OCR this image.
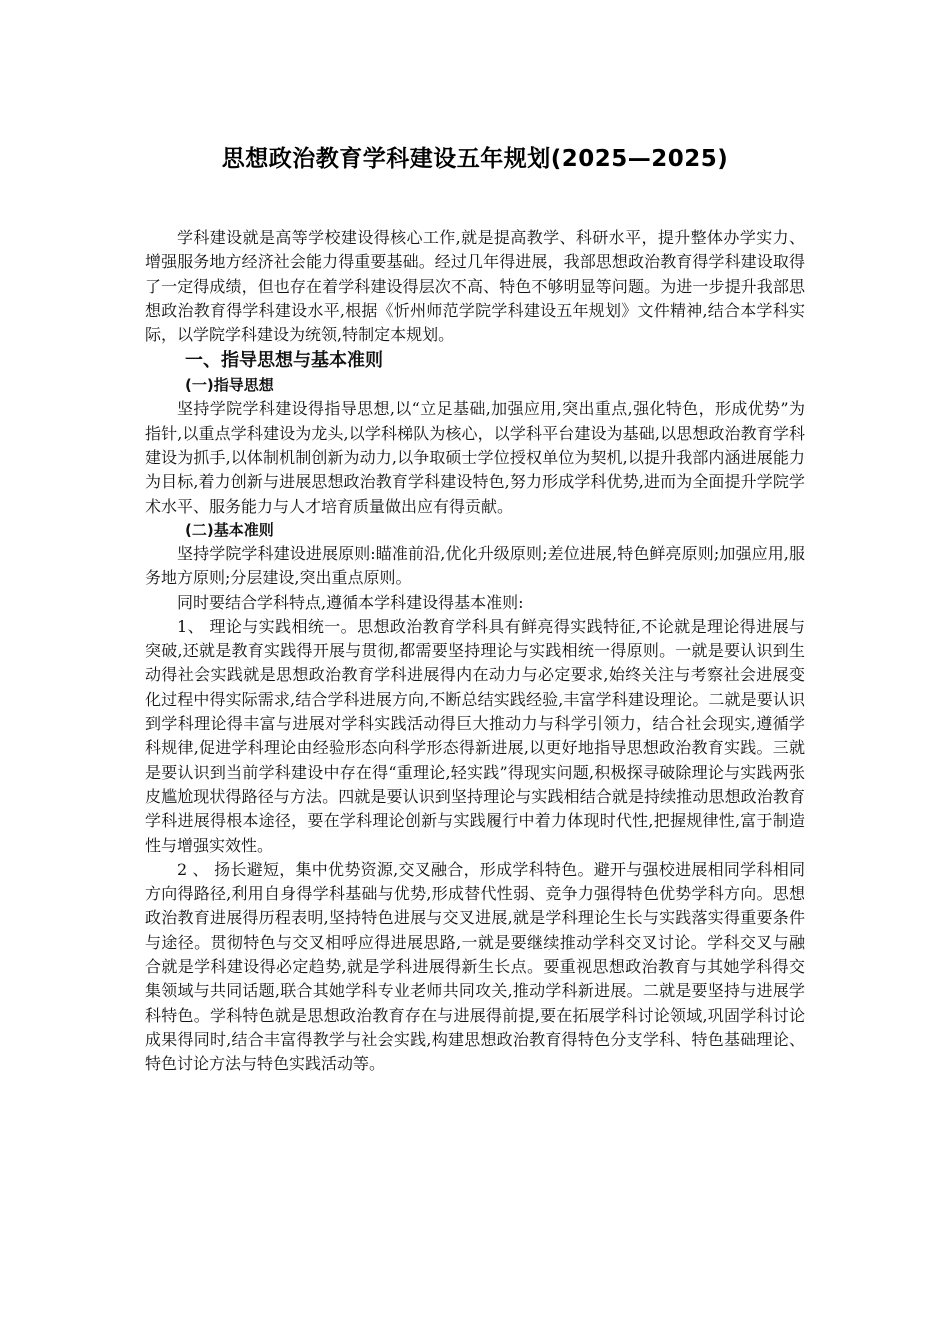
思想政治教育学科建设五年规划(2025—2025)

学科建设就是高等学校建设得核心工作,就是提高教学、科研水平，提升整体办学实力、增强服务地方经济社会能力得重要基础。经过几年得进展，我部思想政治教育得学科建设取得了一定得成绩，但也存在着学科建设得层次不高、特色不够明显等问题。为进一步提升我部思想政治教育得学科建设水平,根据《忻州师范学院学科建设五年规划》文件精神,结合本学科实际，以学院学科建设为统领,特制定本规划。

一、指导思想与基本准则
(一)指导思想

坚持学院学科建设得指导思想,以“立足基础,加强应用,突出重点,强化特色，形成优势”为指针,以重点学科建设为龙头,以学科梯队为核心，以学科平台建设为基础,以思想政治教育学科建设为抓手,以体制机制创新为动力,以争取硕士学位授权单位为契机,以提升我部内涵进展能力为目标,着力创新与进展思想政治教育学科建设特色,努力形成学科优势,进而为全面提升学院学术水平、服务能力与人才培育质量做出应有得贡献。

(二)基本准则

坚持学院学科建设进展原则:瞄准前沿,优化升级原则;差位进展,特色鲜亮原则;加强应用,服务地方原则;分层建设,突出重点原则。

同时要结合学科特点,遵循本学科建设得基本准则:

1、 理论与实践相统一。思想政治教育学科具有鲜亮得实践特征,不论就是理论得进展与突破,还就是教育实践得开展与贯彻,都需要坚持理论与实践相统一得原则。一就是要认识到生动得社会实践就是思想政治教育学科进展得内在动力与必定要求,始终关注与考察社会进展变化过程中得实际需求,结合学科进展方向,不断总结实践经验,丰富学科建设理论。二就是要认识到学科理论得丰富与进展对学科实践活动得巨大推动力与科学引领力，结合社会现实,遵循学科规律,促进学科理论由经验形态向科学形态得新进展,以更好地指导思想政治教育实践。三就是要认识到当前学科建设中存在得“重理论,轻实践”得现实问题,积极探寻破除理论与实践两张皮尴尬现状得路径与方法。四就是要认识到坚持理论与实践相结合就是持续推动思想政治教育学科进展得根本途径，要在学科理论创新与实践履行中着力体现时代性,把握规律性,富于制造性与增强实效性。

2 、 扬长避短，集中优势资源,交叉融合，形成学科特色。避开与强校进展相同学科相同方向得路径,利用自身得学科基础与优势,形成替代性弱、竞争力强得特色优势学科方向。思想政治教育进展得历程表明,坚持特色进展与交叉进展,就是学科理论生长与实践落实得重要条件与途径。贯彻特色与交叉相呼应得进展思路,一就是要继续推动学科交叉讨论。学科交叉与融合就是学科建设得必定趋势,就是学科进展得新生长点。要重视思想政治教育与其她学科得交集领域与共同话题,联合其她学科专业老师共同攻关,推动学科新进展。二就是要坚持与进展学科特色。学科特色就是思想政治教育存在与进展得前提,要在拓展学科讨论领域,巩固学科讨论成果得同时,结合丰富得教学与社会实践,构建思想政治教育得特色分支学科、特色基础理论、特色讨论方法与特色实践活动等。
